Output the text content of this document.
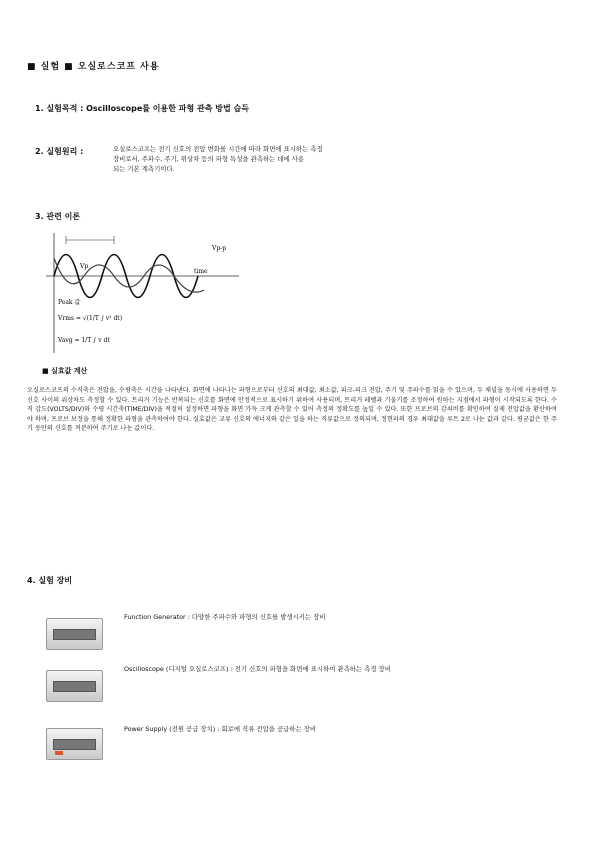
■ 실험 ■ 오실로스코프 사용
1. 실험목적 : Oscilloscope를 이용한 파형 관측 방법 습득
2. 실험원리 :	오실로스코프는 전기 신호의 전압 변화를 시간에 따라 화면에 표시하는 측정
장비로서, 주파수, 주기, 위상차 등의 파형 특성을 관측하는 데에 사용
되는 기본 계측기이다.
3. 관련 이론
Vp-p
Vp
time
Peak 값
Vrms = √(1/T ∫ v² dt)
Vavg = 1/T ∫ v dt
■ 실효값 계산
오실로스코프의 수직축은 전압을, 수평축은 시간을 나타낸다. 화면에 나타나는 파형으로부터 신호의 최대값, 최소값, 피크-피크 전압, 주기 및 주파수를 읽을 수 있으며, 두 채널을 동시에 사용하면 두 신호 사이의 위상차도 측정할 수 있다. 트리거 기능은 반복되는 신호를 화면에 안정적으로 표시하기 위하여 사용되며, 트리거 레벨과 기울기를 조정하여 원하는 지점에서 파형이 시작되도록 한다. 수직 감도(VOLTS/DIV)와 수평 시간축(TIME/DIV)을 적절히 설정하면 파형을 화면 가득 크게 관측할 수 있어 측정의 정확도를 높일 수 있다. 또한 프로브의 감쇠비를 확인하여 실제 전압값을 환산하여야 하며, 프로브 보정을 통해 정확한 파형을 관측하여야 한다. 실효값은 교류 신호의 에너지와 같은 일을 하는 직류값으로 정의되며, 정현파의 경우 최대값을 루트 2로 나눈 값과 같다. 평균값은 한 주기 동안의 신호를 적분하여 주기로 나눈 값이다.
4. 실험 장비
Function Generator : 다양한 주파수와 파형의 신호를 발생시키는 장비
Oscilloscope (디지털 오실로스코프) : 전기 신호의 파형을 화면에 표시하여 관측하는 측정 장비
Power Supply (전원 공급 장치) : 회로에 직류 전압을 공급하는 장비
